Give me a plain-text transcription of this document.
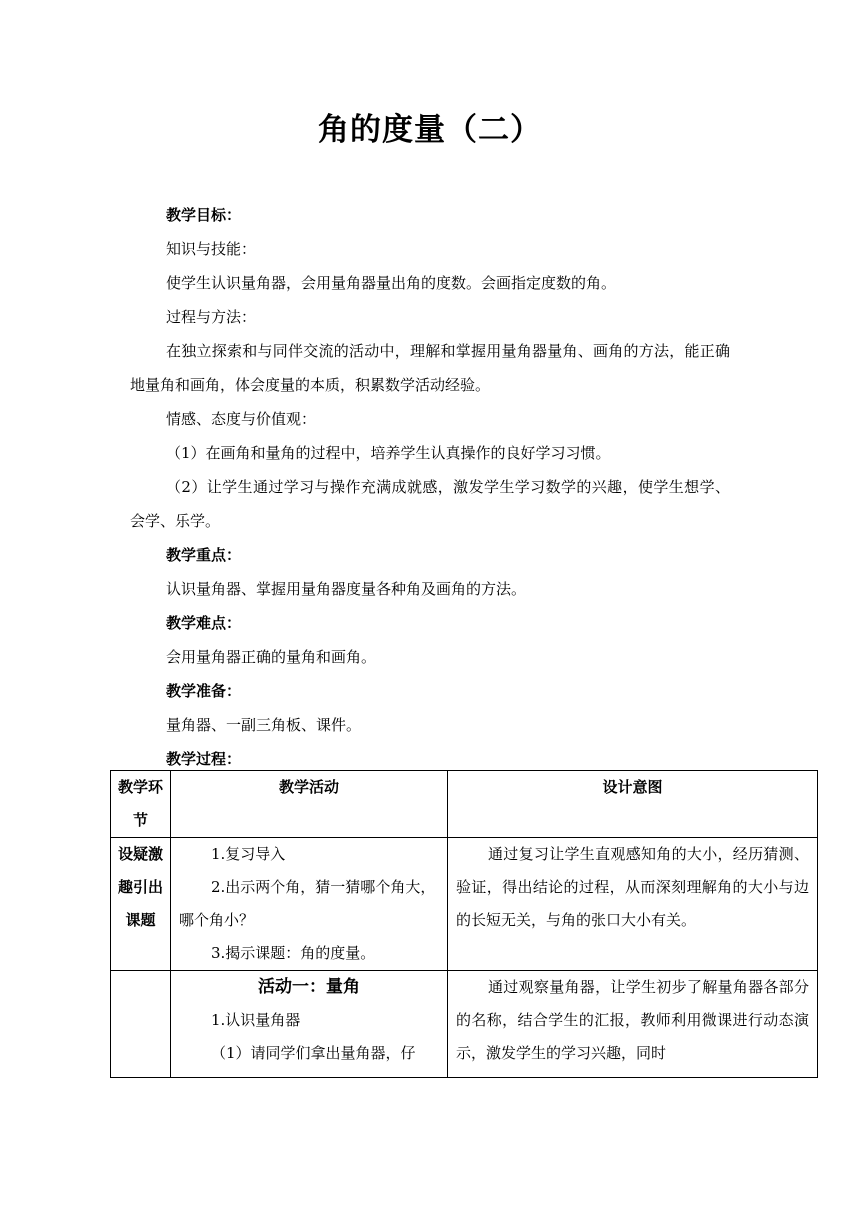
角的度量（二）

教学目标：

知识与技能：

使学生认识量角器，会用量角器量出角的度数。会画指定度数的角。

过程与方法：

在独立探索和与同伴交流的活动中，理解和掌握用量角器量角、画角的方法，能正确地量角和画角，体会度量的本质，积累数学活动经验。

情感、态度与价值观：

（1）在画角和量角的过程中，培养学生认真操作的良好学习习惯。

（2）让学生通过学习与操作充满成就感，激发学生学习数学的兴趣，使学生想学、会学、乐学。

教学重点：

认识量角器、掌握用量角器度量各种角及画角的方法。

教学难点：

会用量角器正确的量角和画角。

教学准备：

量角器、一副三角板、课件。

教学过程：

教学环节	教学活动	设计意图
设疑激趣引出课题	1.复习导入
2.出示两个角，猜一猜哪个角大，哪个角小？
3.揭示课题：角的度量。	通过复习让学生直观感知角的大小，经历猜测、验证，得出结论的过程，从而深刻理解角的大小与边的长短无关，与角的张口大小有关。

	活动一：量角
1.认识量角器
（1）请同学们拿出量角器，仔	通过观察量角器，让学生初步了解量角器各部分的名称，结合学生的汇报，教师利用微课进行动态演示，激发学生的学习兴趣，同时
